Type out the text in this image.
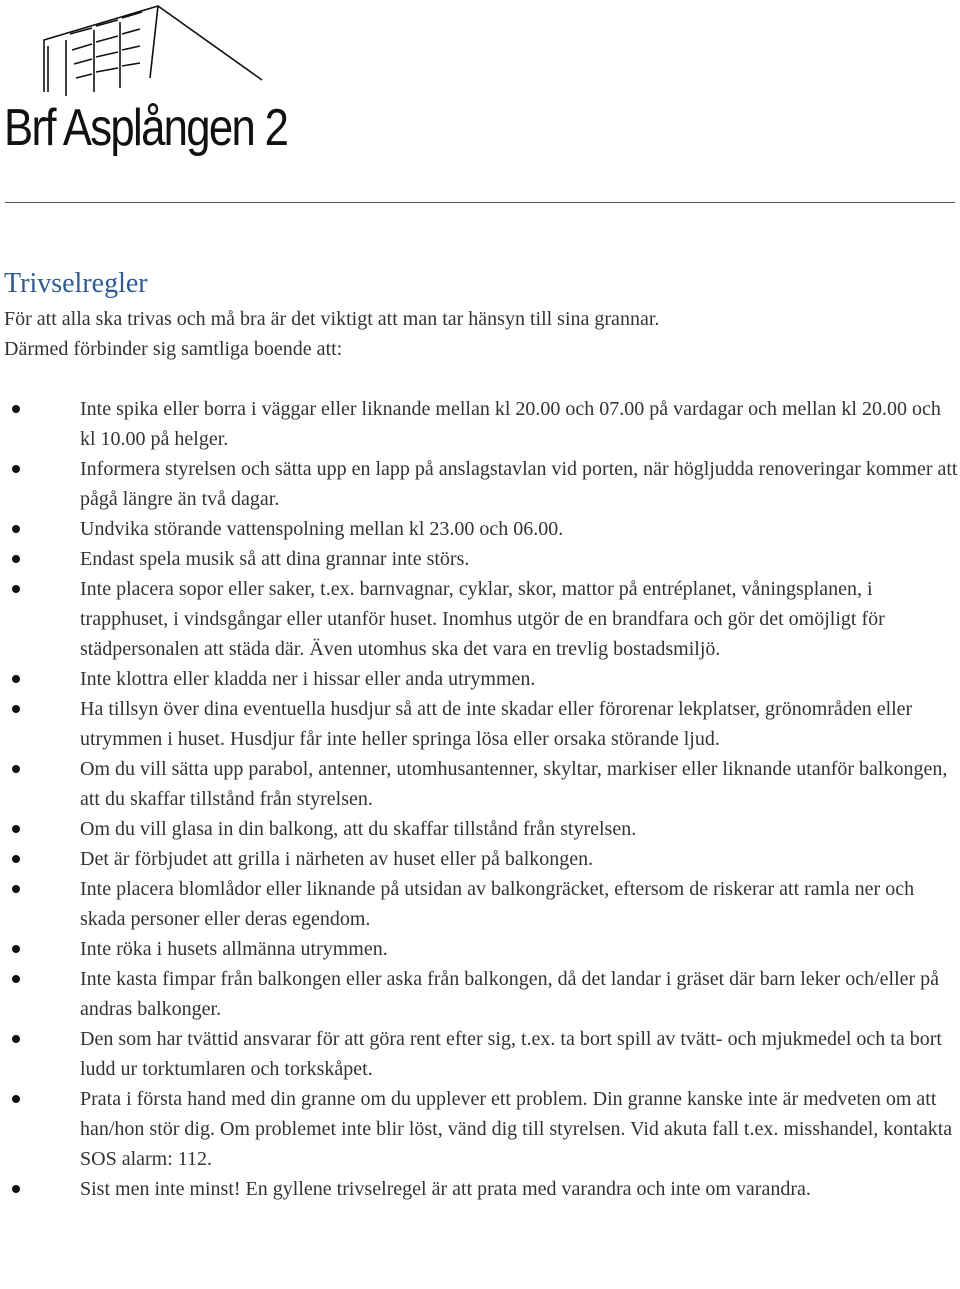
Brf Asplången 2
Trivselregler

För att alla ska trivas och må bra är det viktigt att man tar hänsyn till sina grannar.

Därmed förbinder sig samtliga boende att:

Inte spika eller borra i väggar eller liknande mellan kl 20.00 och 07.00 på vardagar och mellan kl 20.00 och kl 10.00 på helger.
Informera styrelsen och sätta upp en lapp på anslagstavlan vid porten, när högljudda renoveringar kommer att pågå längre än två dagar.
Undvika störande vattenspolning mellan kl 23.00 och 06.00.
Endast spela musik så att dina grannar inte störs.
Inte placera sopor eller saker, t.ex. barnvagnar, cyklar, skor, mattor på entréplanet, våningsplanen, i trapphuset, i vindsgångar eller utanför huset. Inomhus utgör de en brandfara och gör det omöjligt för städpersonalen att städa där. Även utomhus ska det vara en trevlig bostadsmiljö.
Inte klottra eller kladda ner i hissar eller anda utrymmen.
Ha tillsyn över dina eventuella husdjur så att de inte skadar eller förorenar lekplatser, grönområden eller utrymmen i huset. Husdjur får inte heller springa lösa eller orsaka störande ljud.
Om du vill sätta upp parabol, antenner, utomhusantenner, skyltar, markiser eller liknande utanför balkongen, att du skaffar tillstånd från styrelsen.
Om du vill glasa in din balkong, att du skaffar tillstånd från styrelsen.
Det är förbjudet att grilla i närheten av huset eller på balkongen.
Inte placera blomlådor eller liknande på utsidan av balkongräcket, eftersom de riskerar att ramla ner och skada personer eller deras egendom.
Inte röka i husets allmänna utrymmen.
Inte kasta fimpar från balkongen eller aska från balkongen, då det landar i gräset där barn leker och/eller på andras balkonger.
Den som har tvättid ansvarar för att göra rent efter sig, t.ex. ta bort spill av tvätt- och mjukmedel och ta bort ludd ur torktumlaren och torkskåpet.
Prata i första hand med din granne om du upplever ett problem. Din granne kanske inte är medveten om att han/hon stör dig. Om problemet inte blir löst, vänd dig till styrelsen. Vid akuta fall t.ex. misshandel, kontakta SOS alarm: 112.
Sist men inte minst! En gyllene trivselregel är att prata med varandra och inte om varandra.
